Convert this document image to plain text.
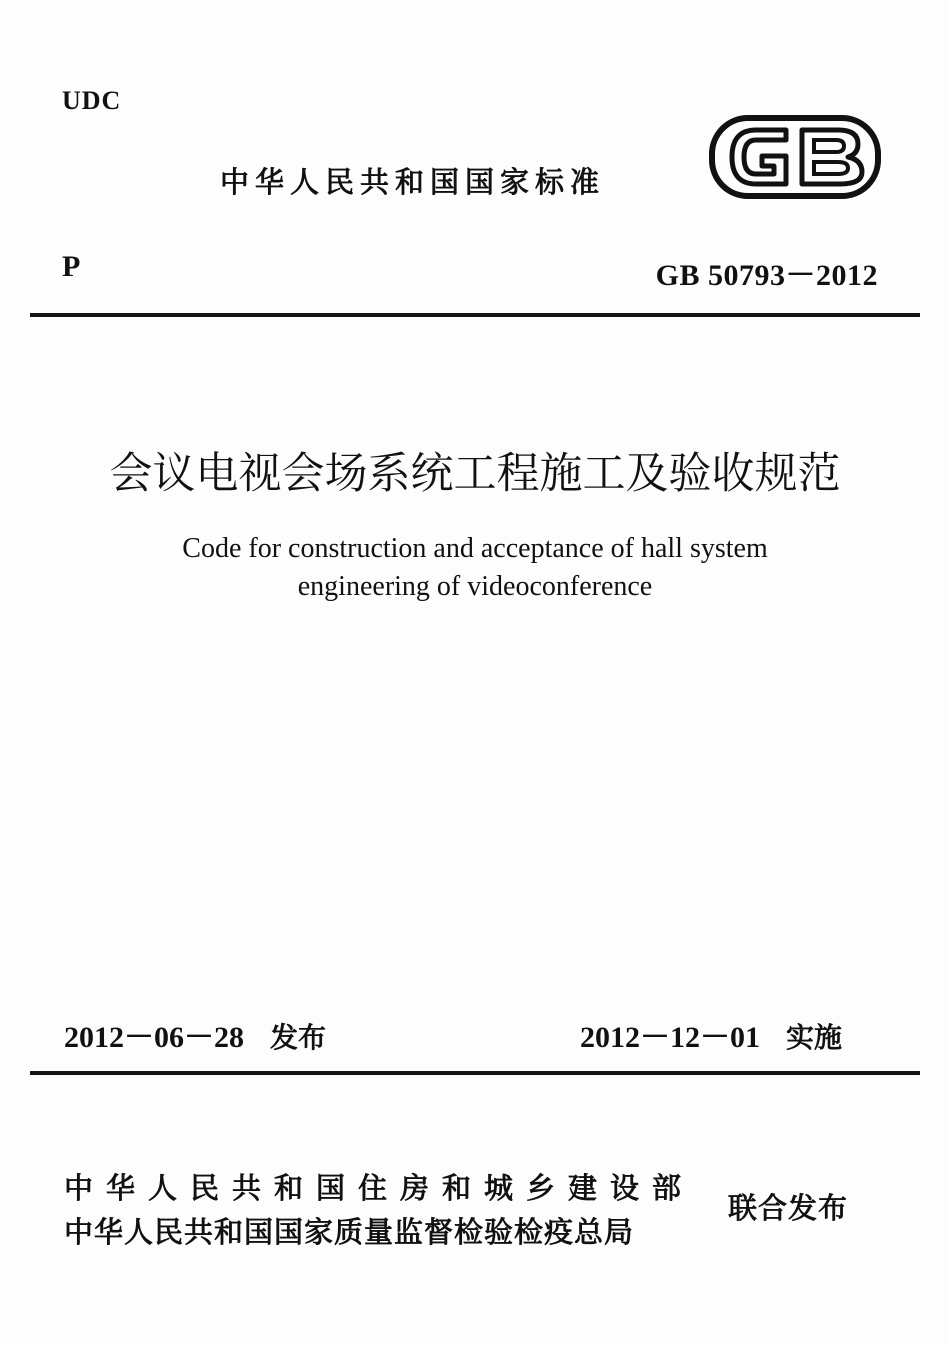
UDC
中华人民共和国国家标准
P	GB 50793－2012
会议电视会场系统工程施工及验收规范
Code for construction and acceptance of hall system
engineering of videoconference
2012－06－28 发布	2012－12－01 实施
中华人民共和国住房和城乡建设部
中华人民共和国国家质量监督检验检疫总局
联合发布
